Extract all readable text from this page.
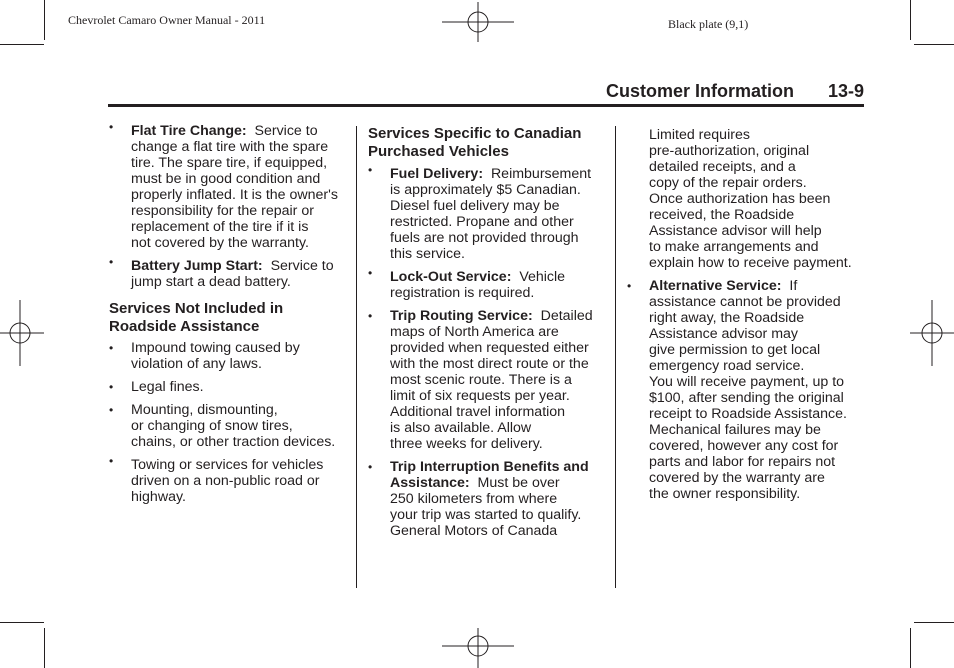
Chevrolet Camaro Owner Manual - 2011	Black plate (9,1)
Customer Information 13-9
• Flat Tire Change: Service to

change a flat tire with the spare

tire. The spare tire, if equipped,

must be in good condition and

properly inflated. It is the owner's

responsibility for the repair or

replacement of the tire if it is

not covered by the warranty.

• Battery Jump Start: Service to

jump start a dead battery.

Services Not Included in

Roadside Assistance

• Impound towing caused by

violation of any laws.

• Legal fines.

• Mounting, dismounting,

or changing of snow tires,

chains, or other traction devices.

• Towing or services for vehicles

driven on a non-public road or

highway.

Services Specific to Canadian

Purchased Vehicles

• Fuel Delivery: Reimbursement

is approximately $5 Canadian.

Diesel fuel delivery may be

restricted. Propane and other

fuels are not provided through

this service.

• Lock-Out Service: Vehicle

registration is required.

• Trip Routing Service: Detailed

maps of North America are

provided when requested either

with the most direct route or the

most scenic route. There is a

limit of six requests per year.

Additional travel information

is also available. Allow

three weeks for delivery.

• Trip Interruption Benefits and

Assistance: Must be over

250 kilometers from where

your trip was started to qualify.

General Motors of Canada

Limited requires

pre-authorization, original

detailed receipts, and a

copy of the repair orders.

Once authorization has been

received, the Roadside

Assistance advisor will help

to make arrangements and

explain how to receive payment.

• Alternative Service: If

assistance cannot be provided

right away, the Roadside

Assistance advisor may

give permission to get local

emergency road service.

You will receive payment, up to

$100, after sending the original

receipt to Roadside Assistance.

Mechanical failures may be

covered, however any cost for

parts and labor for repairs not

covered by the warranty are

the owner responsibility.
